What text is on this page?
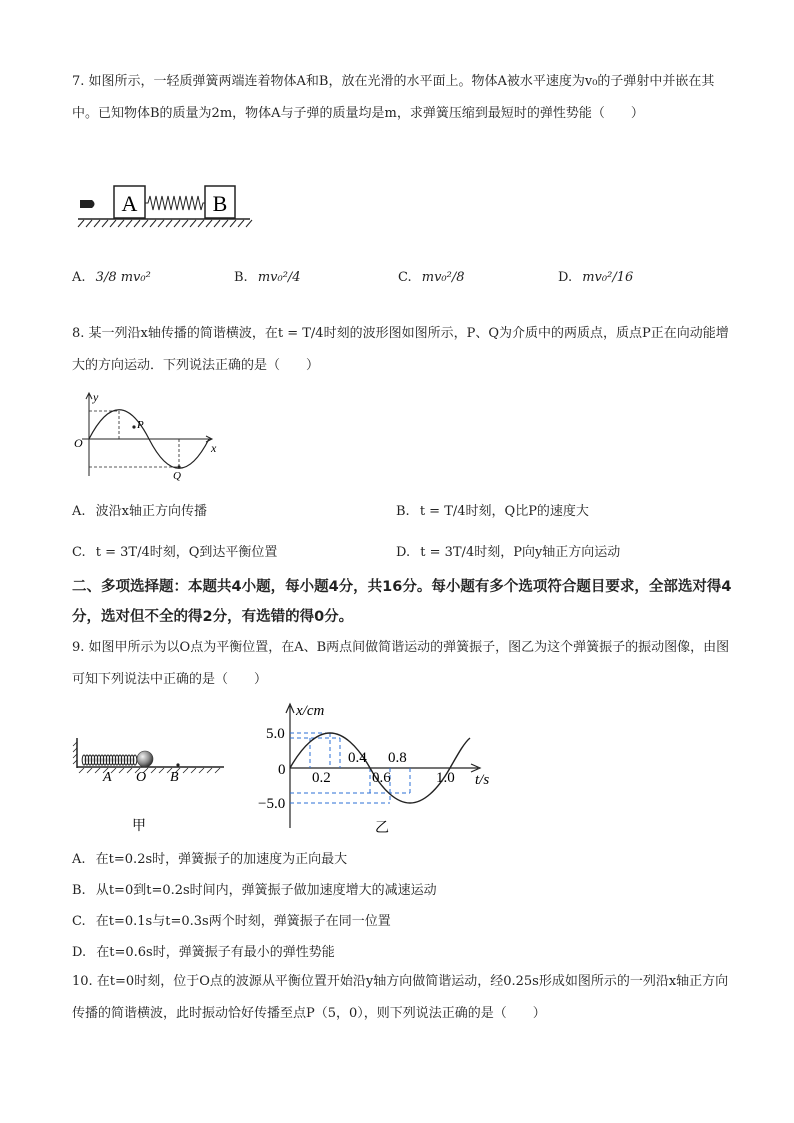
7. 如图所示，一轻质弹簧两端连着物体A和B，放在光滑的水平面上。物体A被水平速度为v₀的子弹射中并嵌在其中。已知物体B的质量为2m，物体A与子弹的质量均是m，求弹簧压缩到最短时的弹性势能（　　）
A	B
A. 3/8 mv₀²	B. mv₀²/4	C. mv₀²/8	D. mv₀²/16
8. 某一列沿x轴传播的简谐横波，在t = T/4时刻的波形图如图所示，P、Q为介质中的两质点，质点P正在向动能增大的方向运动．下列说法正确的是（　　）
y
x
O
P
Q
A. 波沿x轴正方向传播	B. t = T/4时刻，Q比P的速度大
C. t = 3T/4时刻，Q到达平衡位置	D. t = 3T/4时刻，P向y轴正方向运动
二、多项选择题：本题共4小题，每小题4分，共16分。每小题有多个选项符合题目要求，全部选对得4分，选对但不全的得2分，有选错的得0分。
9. 如图甲所示为以O点为平衡位置，在A、B两点间做简谐运动的弹簧振子，图乙为这个弹簧振子的振动图像，由图可知下列说法中正确的是（　　）
A O B
甲
x/cm
t/s
5.0
−5.0
0 0.2
0.4
0.6
0.8
1.0
乙
A. 在t=0.2s时，弹簧振子的加速度为正向最大
B. 从t=0到t=0.2s时间内，弹簧振子做加速度增大的减速运动
C. 在t=0.1s与t=0.3s两个时刻，弹簧振子在同一位置
D. 在t=0.6s时，弹簧振子有最小的弹性势能
10. 在t=0时刻，位于O点的波源从平衡位置开始沿y轴方向做简谐运动，经0.25s形成如图所示的一列沿x轴正方向传播的简谐横波，此时振动恰好传播至点P（5，0），则下列说法正确的是（　　）
